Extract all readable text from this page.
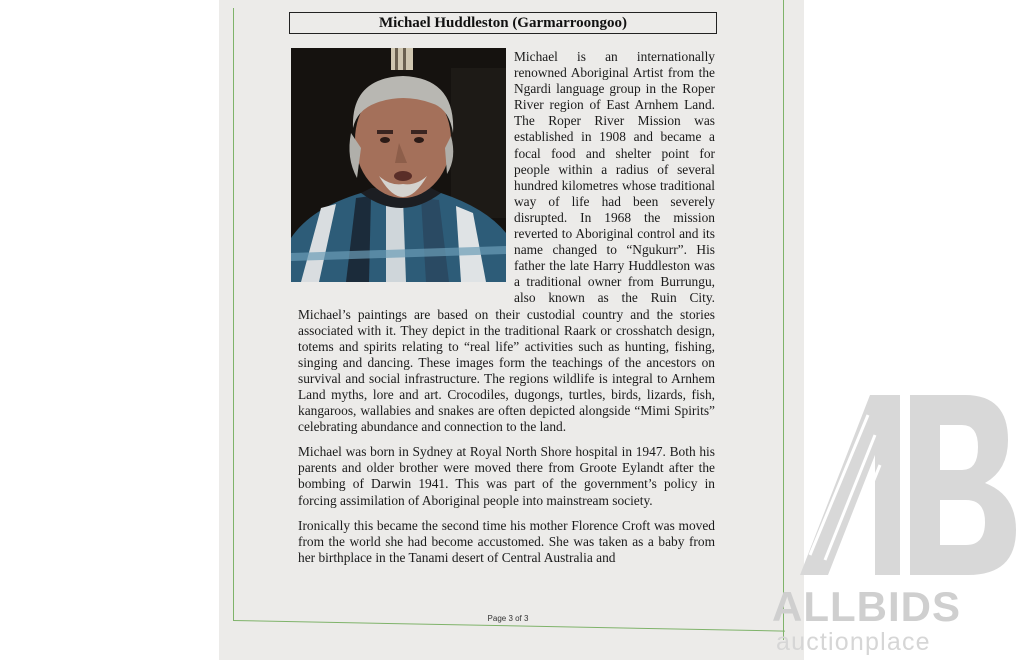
Michael Huddleston (Garmarroongoo)

Michael is an internationally renowned Aboriginal Artist from the Ngardi language group in the Roper River region of East Arnhem Land. The Roper River Mission was established in 1908 and became a focal food and shelter point for people within a radius of several hundred kilometres whose traditional way of life had been severely disrupted. In 1968 the mission reverted to Aboriginal control and its name changed to “Ngukurr”. His father the late Harry Huddleston was a traditional owner from Burrungu, also known as the Ruin City. Michael’s paintings are based on their custodial country and the stories associated with it. They depict in the traditional Raark or crosshatch design, totems and spirits relating to “real life” activities such as hunting, fishing, singing and dancing. These images form the teachings of the ancestors on survival and social infrastructure. The regions wildlife is integral to Arnhem Land myths, lore and art. Crocodiles, dugongs, turtles, birds, lizards, fish, kangaroos, wallabies and snakes are often depicted alongside “Mimi Spirits” celebrating abundance and connection to the land.

Michael was born in Sydney at Royal North Shore hospital in 1947. Both his parents and older brother were moved there from Groote Eylandt after the bombing of Darwin 1941. This was part of the government’s policy in forcing assimilation of Aboriginal people into mainstream society.

Ironically this became the second time his mother Florence Croft was moved from the world she had become accustomed. She was taken as a baby from her birthplace in the Tanami desert of Central Australia and

Page 3 of 3	ALLBIDS
auctionplace
